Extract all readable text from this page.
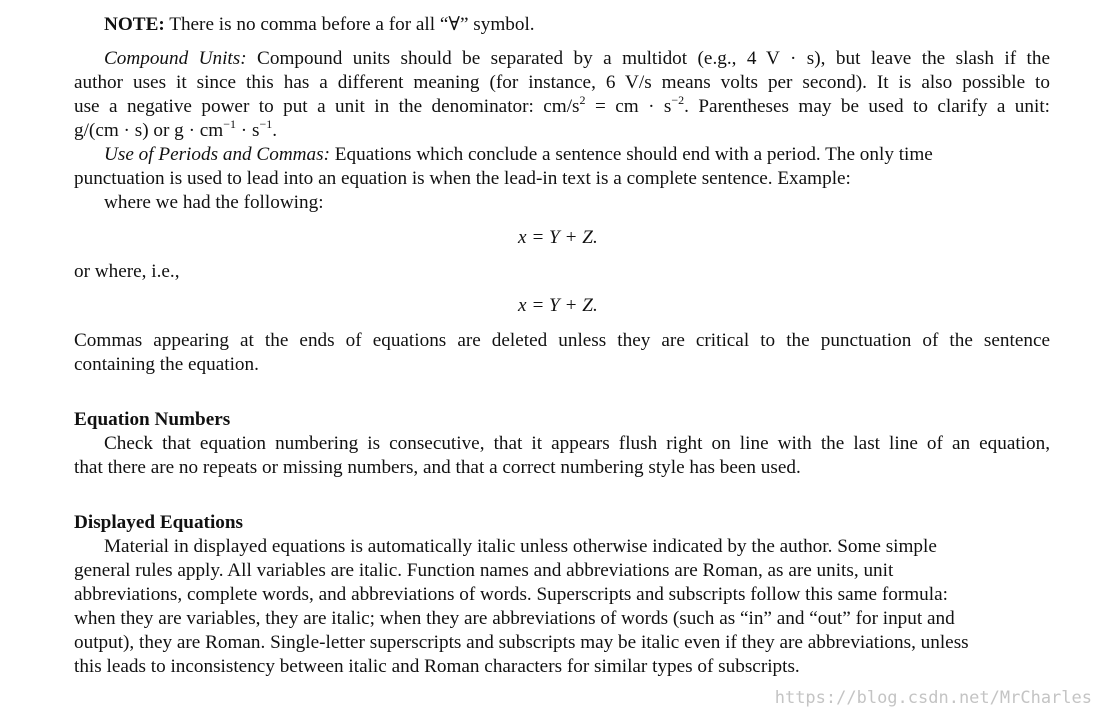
NOTE: There is no comma before a for all “∀” symbol.
Compound Units: Compound units should be separated by a multidot (e.g., 4 V · s), but leave the slash if the
author uses it since this has a different meaning (for instance, 6 V/s means volts per second). It is also possible to
use a negative power to put a unit in the denominator: $cm/s^2$ = cm · $s^{-2}$. Parentheses may be used to clarify a unit:
g/(cm · s) or $g \cdot cm^{-1} \cdot s^{-1}$.
Use of Periods and Commas: Equations which conclude a sentence should end with a period. The only time
punctuation is used to lead into an equation is when the lead-in text is a complete sentence. Example:
where we had the following:
x = Y + Z.
or where, i.e.,
x = Y + Z.
Commas appearing at the ends of equations are deleted unless they are critical to the punctuation of the sentence
containing the equation.
Equation Numbers
Check that equation numbering is consecutive, that it appears flush right on line with the last line of an equation,
that there are no repeats or missing numbers, and that a correct numbering style has been used.
Displayed Equations
Material in displayed equations is automatically italic unless otherwise indicated by the author. Some simple
general rules apply. All variables are italic. Function names and abbreviations are Roman, as are units, unit
abbreviations, complete words, and abbreviations of words. Superscripts and subscripts follow this same formula:
when they are variables, they are italic; when they are abbreviations of words (such as “in” and “out” for input and
output), they are Roman. Single-letter superscripts and subscripts may be italic even if they are abbreviations, unless
this leads to inconsistency between italic and Roman characters for similar types of subscripts.
https://blog.csdn.net/MrCharles
